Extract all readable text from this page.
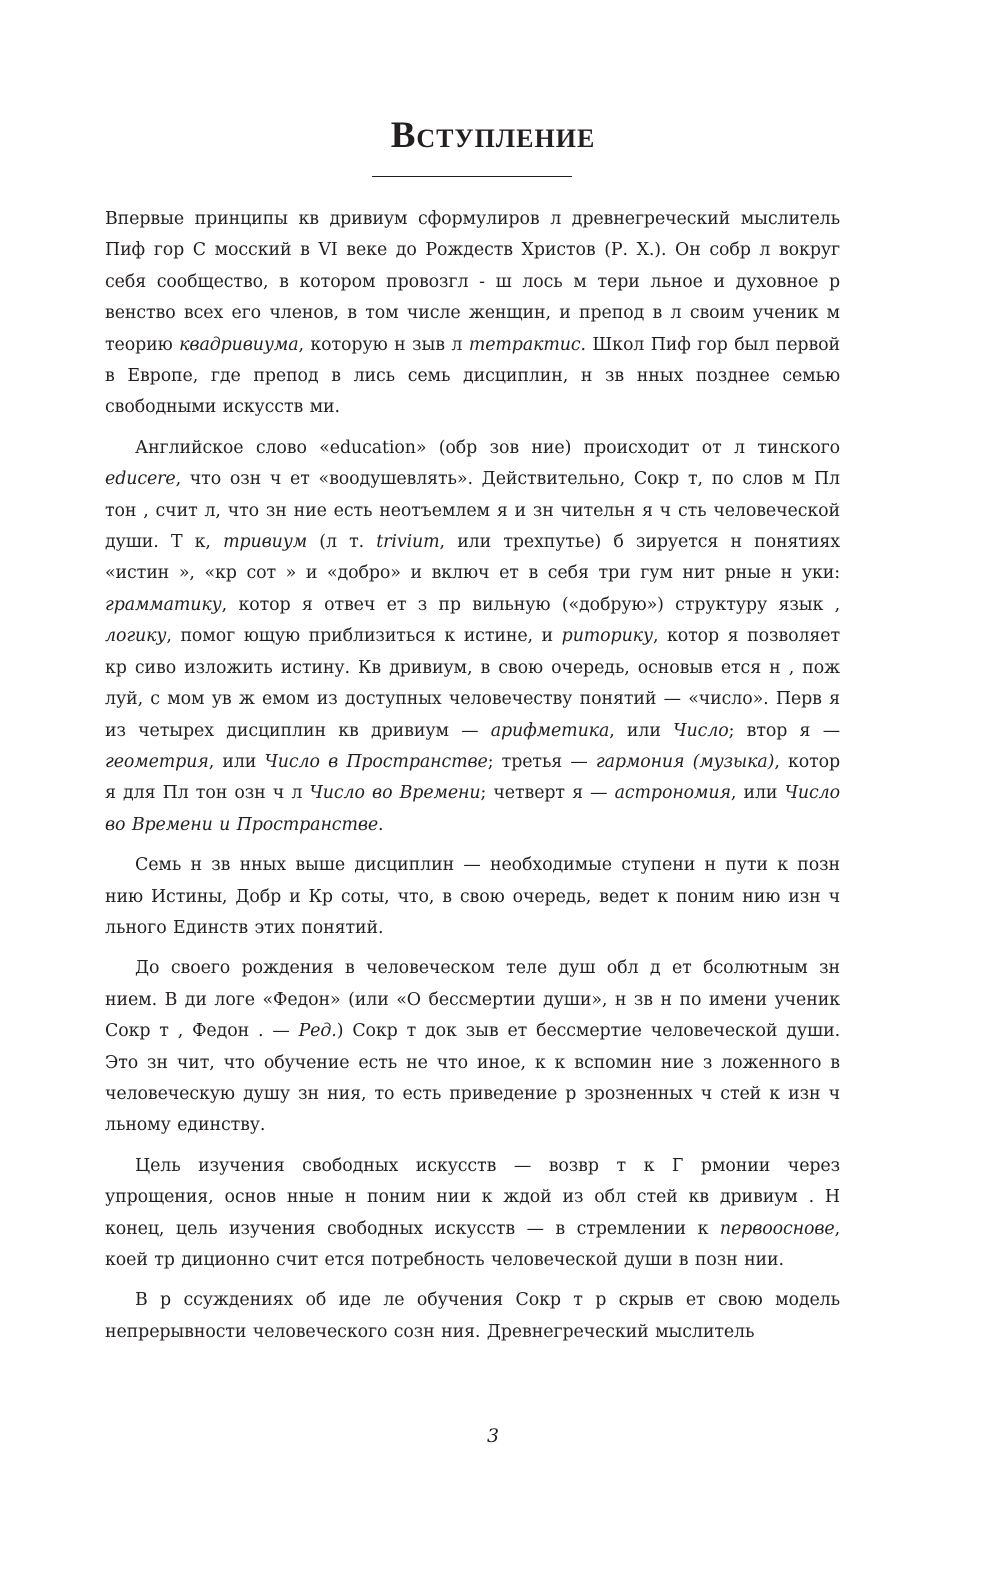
Вступление

Впервые принципы кв дривиум сформулиров л древнегреческий мыслитель Пиф гор С мосский в VI веке до Рождеств Христов (Р. Х.). Он собр л вокруг себя сообщество, в котором провозгл - ш лось м тери льное и духовное р венство всех его членов, в том числе женщин, и препод в л своим ученик м теорию квадривиума, которую н зыв л тетрактис. Школ Пиф гор был первой в Европе, где препод в лись семь дисциплин, н зв нных позднее семью свободными искусств ми.

Английское слово «education» (обр зов ние) происходит от л тинского educere, что озн ч ет «воодушевлять». Действительно, Сокр т, по слов м Пл тон , счит л, что зн ние есть неотъемлем я и зн чительн я ч сть человеческой души. Т к, тривиум (л т. trivium, или трехпутье) б зируется н понятиях «истин », «кр сот » и «добро» и включ ет в себя три гум нит рные н уки: грамматику, котор я отвеч ет з пр вильную («добрую») структуру язык , логику, помог ющую приблизиться к истине, и риторику, котор я позволяет кр сиво изложить истину. Кв дривиум, в свою очередь, основыв ется н , пож луй, с мом ув ж емом из доступных человечеству понятий — «число». Перв я из четырех дисциплин кв дривиум — арифметика, или Число; втор я — геометрия, или Число в Пространстве; третья — гармония (музыка), котор я для Пл тон озн ч л Число во Времени; четверт я — астрономия, или Число во Времени и Пространстве.

Семь н зв нных выше дисциплин — необходимые ступени н пути к позн нию Истины, Добр и Кр соты, что, в свою очередь, ведет к поним нию изн ч льного Единств этих понятий.

До своего рождения в человеческом теле душ обл д ет бсолютным зн нием. В ди логе «Федон» (или «О бессмертии души», н зв н по имени ученик Сокр т , Федон . — Ред.) Сокр т док зыв ет бессмертие человеческой души. Это зн чит, что обучение есть не что иное, к к вспомин ние з ложенного в человеческую душу зн ния, то есть приведение р зрозненных ч стей к изн ч льному единству.

Цель изучения свободных искусств — возвр т к Г рмонии через упрощения, основ нные н поним нии к ждой из обл стей кв дривиум . Н конец, цель изучения свободных искусств — в стремлении к первооснове, коей тр диционно счит ется потребность человеческой души в позн нии.

В р ссуждениях об иде ле обучения Сокр т р скрыв ет свою модель непрерывности человеческого созн ния. Древнегреческий мыслитель

3
